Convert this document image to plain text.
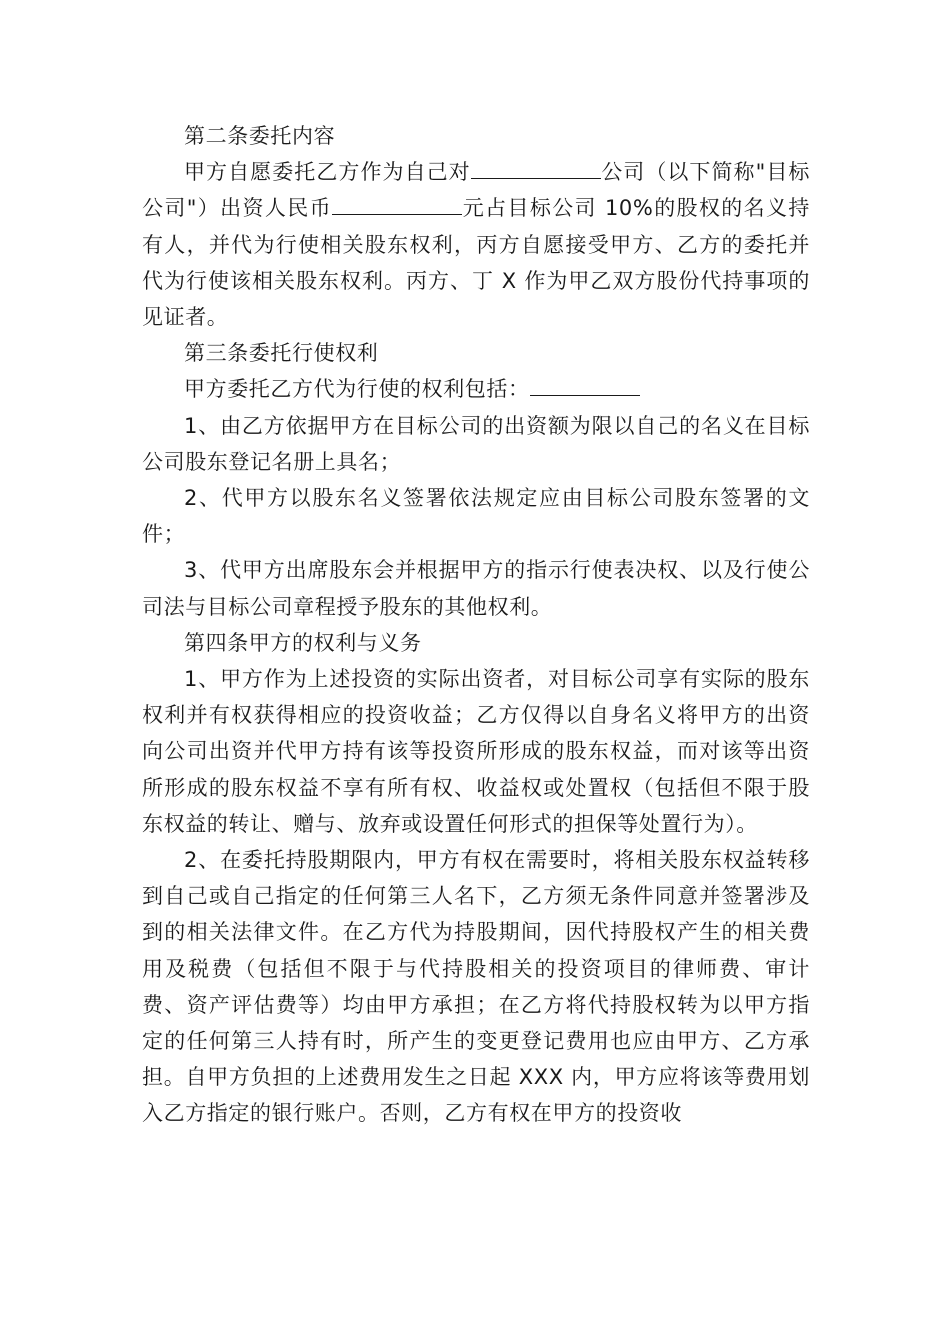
第二条委托内容

甲方自愿委托乙方作为自己对	公司（以下简称"目标公司"）出资人民币	元占目标公司 10%的股权的名义持有人，并代为行使相关股东权利，丙方自愿接受甲方、乙方的委托并代为行使该相关股东权利。丙方、丁 X 作为甲乙双方股份代持事项的见证者。

第三条委托行使权利

甲方委托乙方代为行使的权利包括：

1、由乙方依据甲方在目标公司的出资额为限以自己的名义在目标公司股东登记名册上具名；

2、代甲方以股东名义签署依法规定应由目标公司股东签署的文件；

3、代甲方出席股东会并根据甲方的指示行使表决权、以及行使公司法与目标公司章程授予股东的其他权利。

第四条甲方的权利与义务

1、甲方作为上述投资的实际出资者，对目标公司享有实际的股东权利并有权获得相应的投资收益；乙方仅得以自身名义将甲方的出资向公司出资并代甲方持有该等投资所形成的股东权益，而对该等出资所形成的股东权益不享有所有权、收益权或处置权（包括但不限于股东权益的转让、赠与、放弃或设置任何形式的担保等处置行为）。

2、在委托持股期限内，甲方有权在需要时，将相关股东权益转移到自己或自己指定的任何第三人名下，乙方须无条件同意并签署涉及到的相关法律文件。在乙方代为持股期间，因代持股权产生的相关费用及税费（包括但不限于与代持股相关的投资项目的律师费、审计费、资产评估费等）均由甲方承担；在乙方将代持股权转为以甲方指定的任何第三人持有时，所产生的变更登记费用也应由甲方、乙方承担。自甲方负担的上述费用发生之日起 XXX 内，甲方应将该等费用划入乙方指定的银行账户。否则，乙方有权在甲方的投资收
